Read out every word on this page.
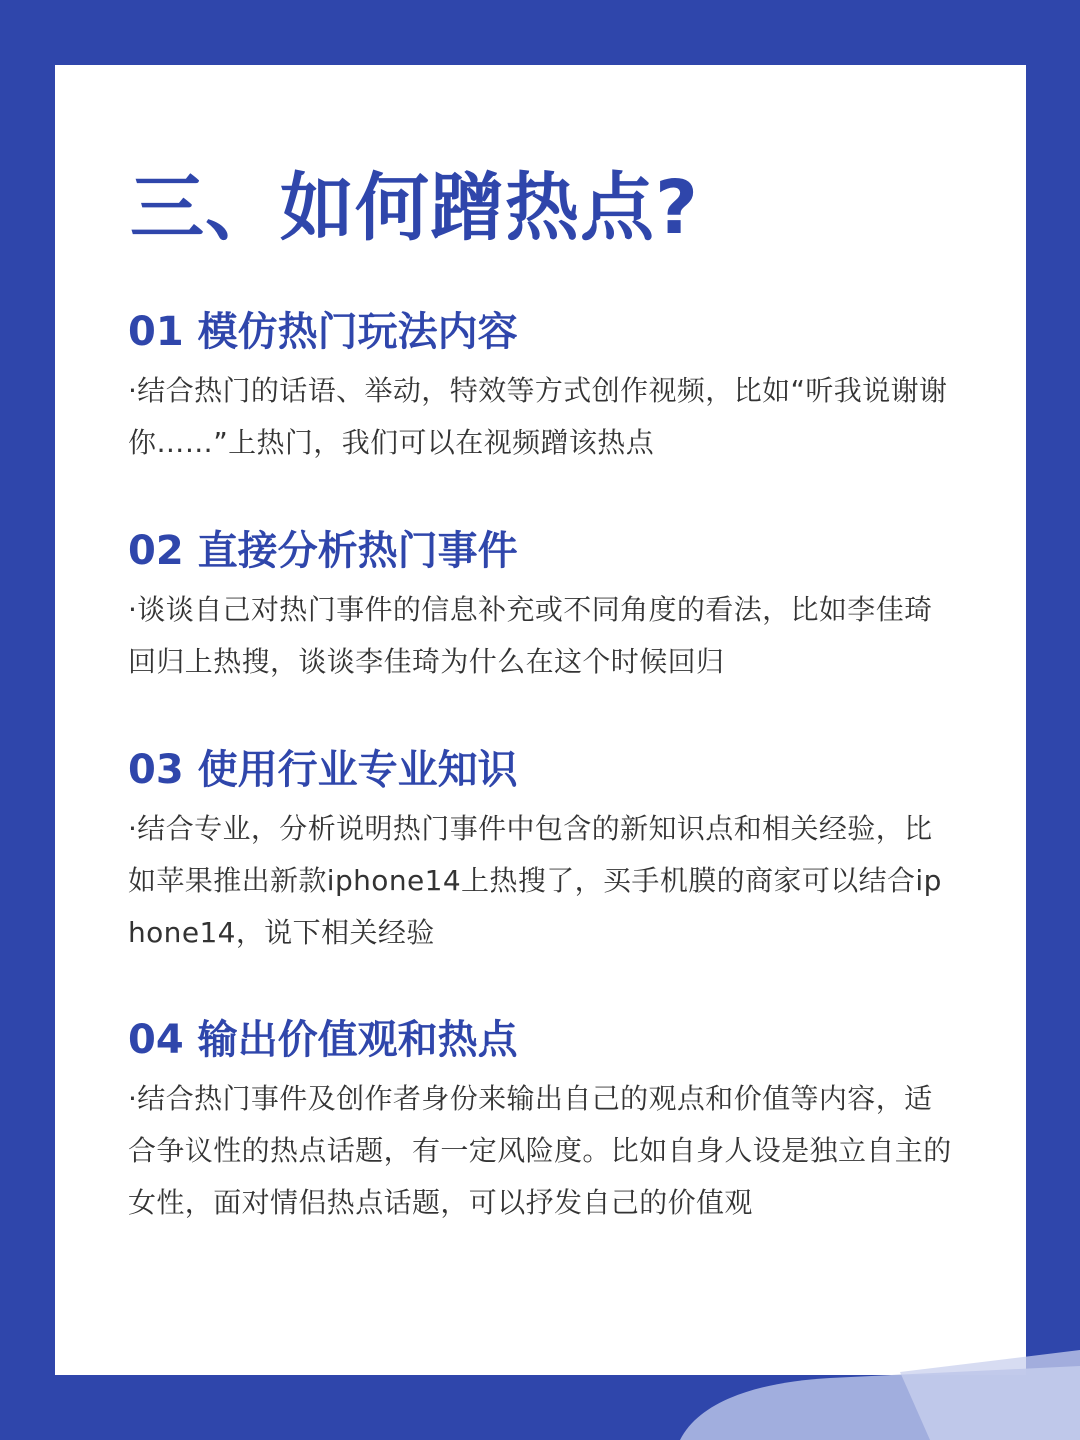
三、如何蹭热点?
01 模仿热门玩法内容

·结合热门的话语、举动，特效等方式创作视频，比如“听我说谢谢你……”上热门，我们可以在视频蹭该热点

02 直接分析热门事件

·谈谈自己对热门事件的信息补充或不同角度的看法，比如李佳琦回归上热搜，谈谈李佳琦为什么在这个时候回归

03 使用行业专业知识

·结合专业，分析说明热门事件中包含的新知识点和相关经验，比如苹果推出新款iphone14上热搜了，买手机膜的商家可以结合iphone14，说下相关经验

04 输出价值观和热点

·结合热门事件及创作者身份来输出自己的观点和价值等内容，适合争议性的热点话题，有一定风险度。比如自身人设是独立自主的女性，面对情侣热点话题，可以抒发自己的价值观
